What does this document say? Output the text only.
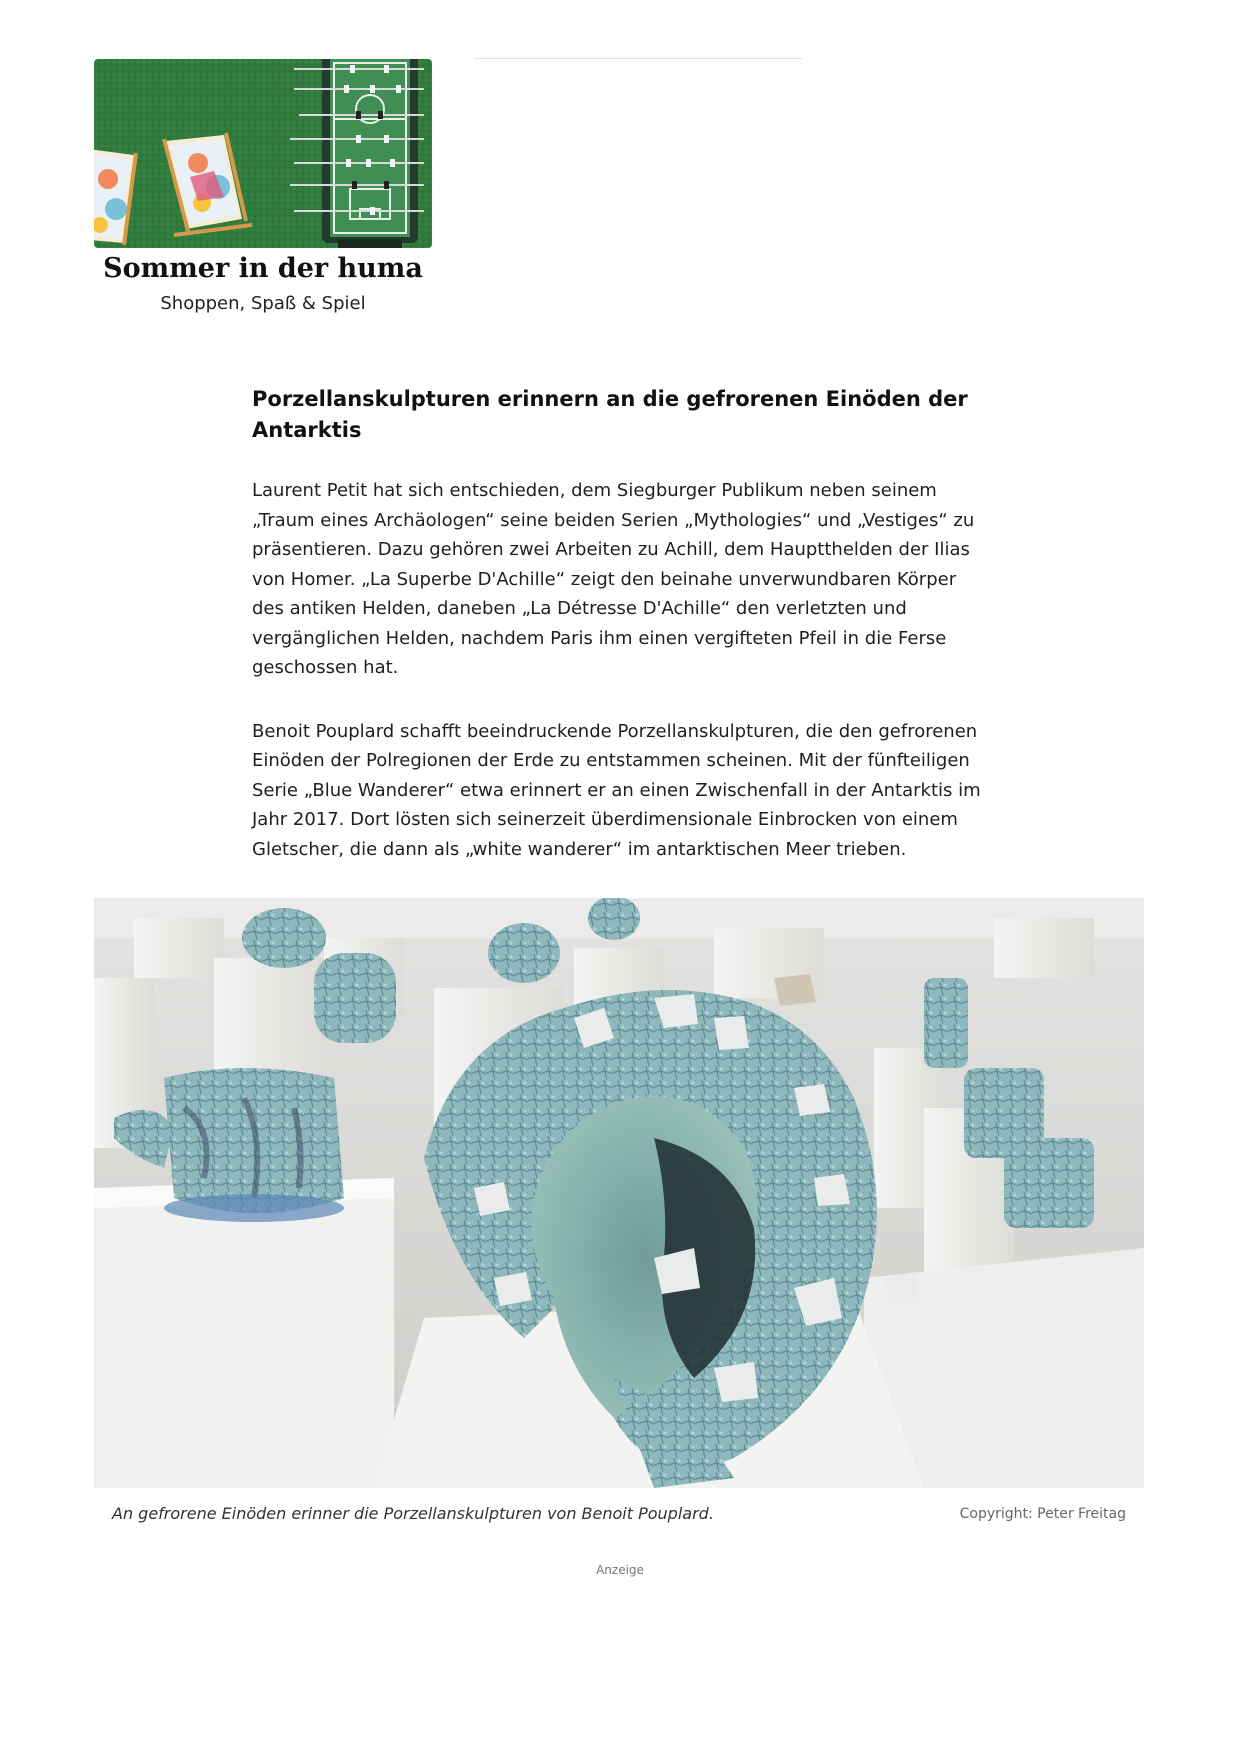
Sommer in der huma
Shoppen, Spaß & Spiel
Porzellanskulpturen erinnern an die gefrorenen Einöden der Antarktis

Laurent Petit hat sich entschieden, dem Siegburger Publikum neben seinem „Traum eines Archäologen“ seine beiden Serien „Mythologies“ und „Vestiges“ zu präsentieren. Dazu gehören zwei Arbeiten zu Achill, dem Hauptthelden der Ilias von Homer. „La Superbe D'Achille“ zeigt den beinahe unverwundbaren Körper des antiken Helden, daneben „La Détresse D'Achille“ den verletzten und vergänglichen Helden, nachdem Paris ihm einen vergifteten Pfeil in die Ferse geschossen hat.

Benoit Pouplard schafft beeindruckende Porzellanskulpturen, die den gefrorenen Einöden der Polregionen der Erde zu entstammen scheinen. Mit der fünfteiligen Serie „Blue Wanderer“ etwa erinnert er an einen Zwischenfall in der Antarktis im Jahr 2017. Dort lösten sich seinerzeit überdimensionale Einbrocken von einem Gletscher, die dann als „white wanderer“ im antarktischen Meer trieben.

An gefrorene Einöden erinner die Porzellanskulpturen von Benoit Pouplard.	Copyright: Peter Freitag
Anzeige
